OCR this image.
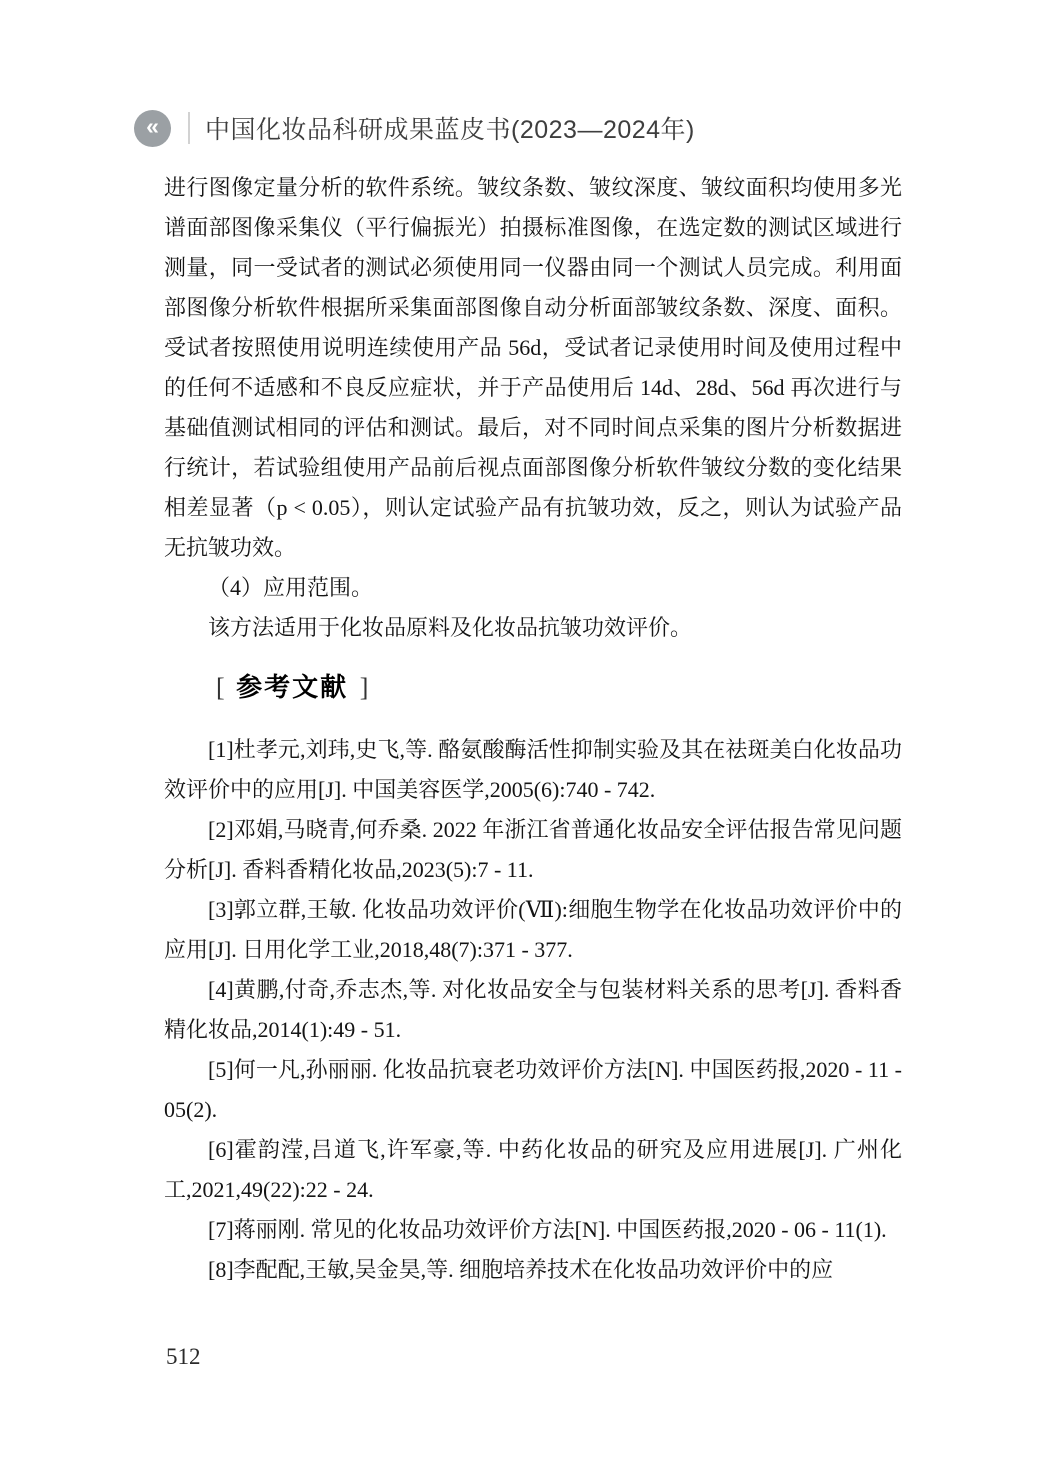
« 中国化妆品科研成果蓝皮书(2023—2024年)

进行图像定量分析的软件系统。皱纹条数、皱纹深度、皱纹面积均使用多光谱面部图像采集仪（平行偏振光）拍摄标准图像，在选定数的测试区域进行测量，同一受试者的测试必须使用同一仪器由同一个测试人员完成。利用面部图像分析软件根据所采集面部图像自动分析面部皱纹条数、深度、面积。受试者按照使用说明连续使用产品 56d，受试者记录使用时间及使用过程中的任何不适感和不良反应症状，并于产品使用后 14d、28d、56d 再次进行与基础值测试相同的评估和测试。最后，对不同时间点采集的图片分析数据进行统计，若试验组使用产品前后视点面部图像分析软件皱纹分数的变化结果相差显著（p < 0.05），则认定试验产品有抗皱功效，反之，则认为试验产品无抗皱功效。

（4）应用范围。

该方法适用于化妆品原料及化妆品抗皱功效评价。

[ 参考文献 ]

[1]杜孝元,刘玮,史飞,等. 酪氨酸酶活性抑制实验及其在祛斑美白化妆品功效评价中的应用[J]. 中国美容医学,2005(6):740 - 742.

[2]邓娟,马晓青,何乔桑. 2022 年浙江省普通化妆品安全评估报告常见问题分析[J]. 香料香精化妆品,2023(5):7 - 11.

[3]郭立群,王敏. 化妆品功效评价(Ⅶ):细胞生物学在化妆品功效评价中的应用[J]. 日用化学工业,2018,48(7):371 - 377.

[4]黄鹏,付奇,乔志杰,等. 对化妆品安全与包装材料关系的思考[J]. 香料香精化妆品,2014(1):49 - 51.

[5]何一凡,孙丽丽. 化妆品抗衰老功效评价方法[N]. 中国医药报,2020 - 11 - 05(2).

[6]霍韵滢,吕道飞,许军豪,等. 中药化妆品的研究及应用进展[J]. 广州化工,2021,49(22):22 - 24.

[7]蒋丽刚. 常见的化妆品功效评价方法[N]. 中国医药报,2020 - 06 - 11(1).

[8]李配配,王敏,吴金昊,等. 细胞培养技术在化妆品功效评价中的应

512
